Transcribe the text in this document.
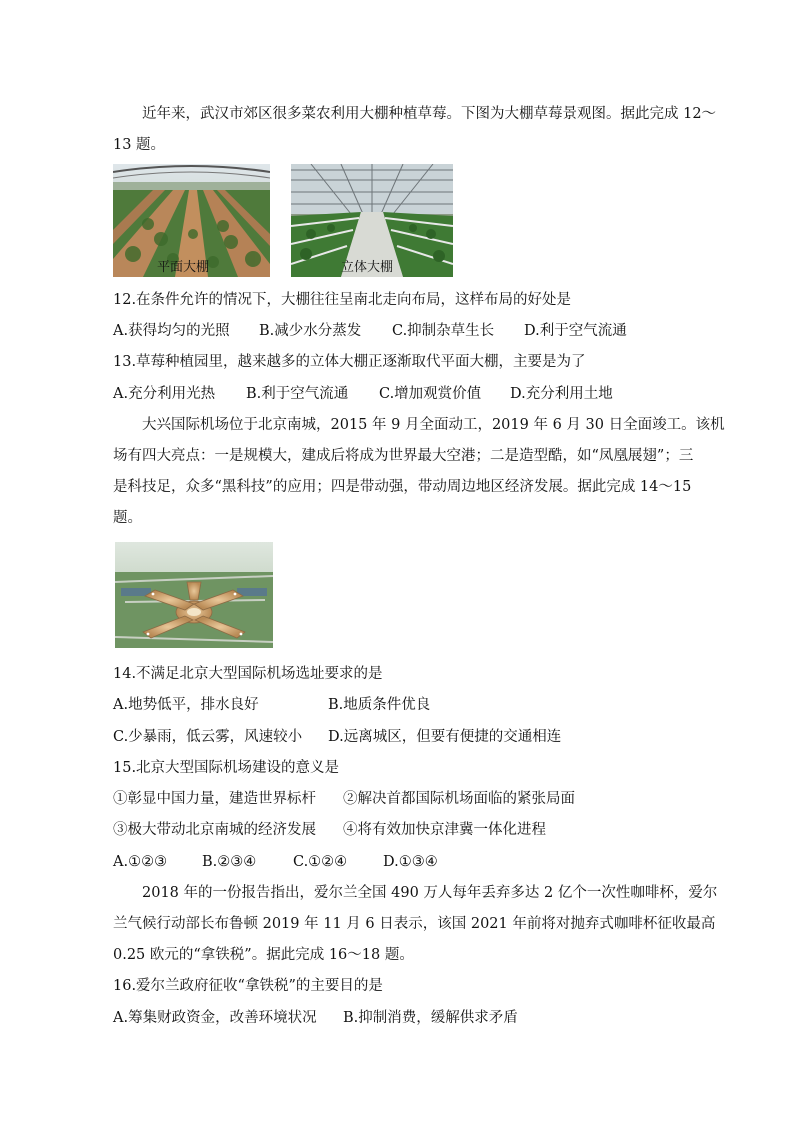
近年来，武汉市郊区很多菜农利用大棚种植草莓。下图为大棚草莓景观图。据此完成 12～
13 题。
平面大棚	立体大棚
12.在条件允许的情况下，大棚往往呈南北走向布局，这样布局的好处是
A.获得均匀的光照 B.减少水分蒸发 C.抑制杂草生长 D.利于空气流通
13.草莓种植园里，越来越多的立体大棚正逐渐取代平面大棚，主要是为了
A.充分利用光热 B.利于空气流通 C.增加观赏价值 D.充分利用土地
大兴国际机场位于北京南城，2015 年 9 月全面动工，2019 年 6 月 30 日全面竣工。该机
场有四大亮点：一是规模大，建成后将成为世界最大空港；二是造型酷，如“凤凰展翅”；三
是科技足，众多“黑科技”的应用；四是带动强，带动周边地区经济发展。据此完成 14～15
题。
14.不满足北京大型国际机场选址要求的是
A.地势低平，排水良好	B.地质条件优良
C.少暴雨，低云雾，风速较小 D.远离城区，但要有便捷的交通相连
15.北京大型国际机场建设的意义是
①彰显中国力量，建造世界标杆 ②解决首都国际机场面临的紧张局面
③极大带动北京南城的经济发展 ④将有效加快京津冀一体化进程
A.①②③ B.②③④	C.①②④ D.①③④
2018 年的一份报告指出，爱尔兰全国 490 万人每年丢弃多达 2 亿个一次性咖啡杯，爱尔
兰气候行动部长布鲁顿 2019 年 11 月 6 日表示，该国 2021 年前将对抛弃式咖啡杯征收最高
0.25 欧元的“拿铁税”。据此完成 16～18 题。
16.爱尔兰政府征收“拿铁税”的主要目的是
A.筹集财政资金，改善环境状况 B.抑制消费，缓解供求矛盾
